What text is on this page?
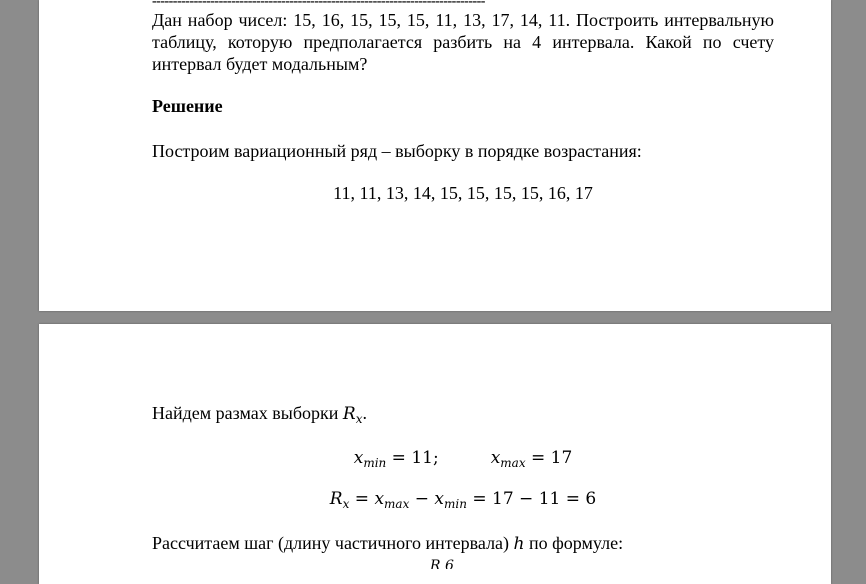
--------------------------------------------------------------------------------
Дан набор чисел: 15, 16, 15, 15, 15, 11, 13, 17, 14, 11. Построить интервальную таблицу, которую предполагается разбить на 4 интервала. Какой по счету интервал будет модальным?
Решение
Построим вариационный ряд – выборку в порядке возрастания:
11, 11, 13, 14, 15, 15, 15, 15, 16, 17
Найдем размах выборки $R_x$.
$x_{min} = 11$;	$x_{max} = 17$
$R_x = x_{max} - x_{min} = 17 - 11 = 6$
Рассчитаем шаг (длину частичного интервала) h по формуле:
R 6
